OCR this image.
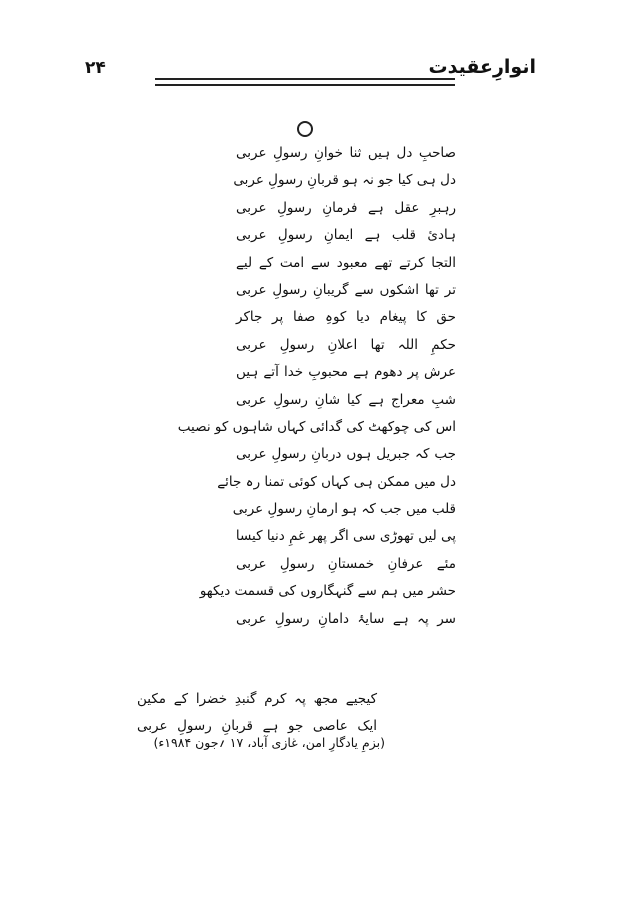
انوارِعقیدت
۲۴
صاحبِ دل ہیں ثنا خوانِ رسولِ عربی
دل ہی کیا جو نہ ہو قربانِ رسولِ عربی
رہبرِ عقل ہے فرمانِ رسولِ عربی
ہادیٔ قلب ہے ایمانِ رسولِ عربی
التجا کرتے تھے معبود سے امت کے لیے
تر تھا اشکوں سے گریبانِ رسولِ عربی
حق کا پیغام دیا کوہِ صفا پر جاکر
حکمِ اللہ تھا اعلانِ رسولِ عربی
عرش پر دھوم ہے محبوبِ خدا آتے ہیں
شبِ معراج ہے کیا شانِ رسولِ عربی
اس کی چوکھٹ کی گدائی کہاں شاہوں کو نصیب
جب کہ جبریل ہوں دربانِ رسولِ عربی
دل میں ممکن ہی کہاں کوئی تمنا رہ جائے
قلب میں جب کہ ہو ارمانِ رسولِ عربی
پی لیں تھوڑی سی اگر پھر غمِ دنیا کیسا
مئے عرفانِ خمستانِ رسولِ عربی
حشر میں ہم سے گنہگاروں کی قسمت دیکھو
سر پہ ہے سایۂ دامانِ رسولِ عربی
کیجیے مجھ پہ کرم گنبدِ خضرا کے مکین
ایک عاصی جو ہے قربانِ رسولِ عربی
(بزمِ یادگارِ امن، غازی آباد، ۱۷ ؍جون ۱۹۸۴ء)
